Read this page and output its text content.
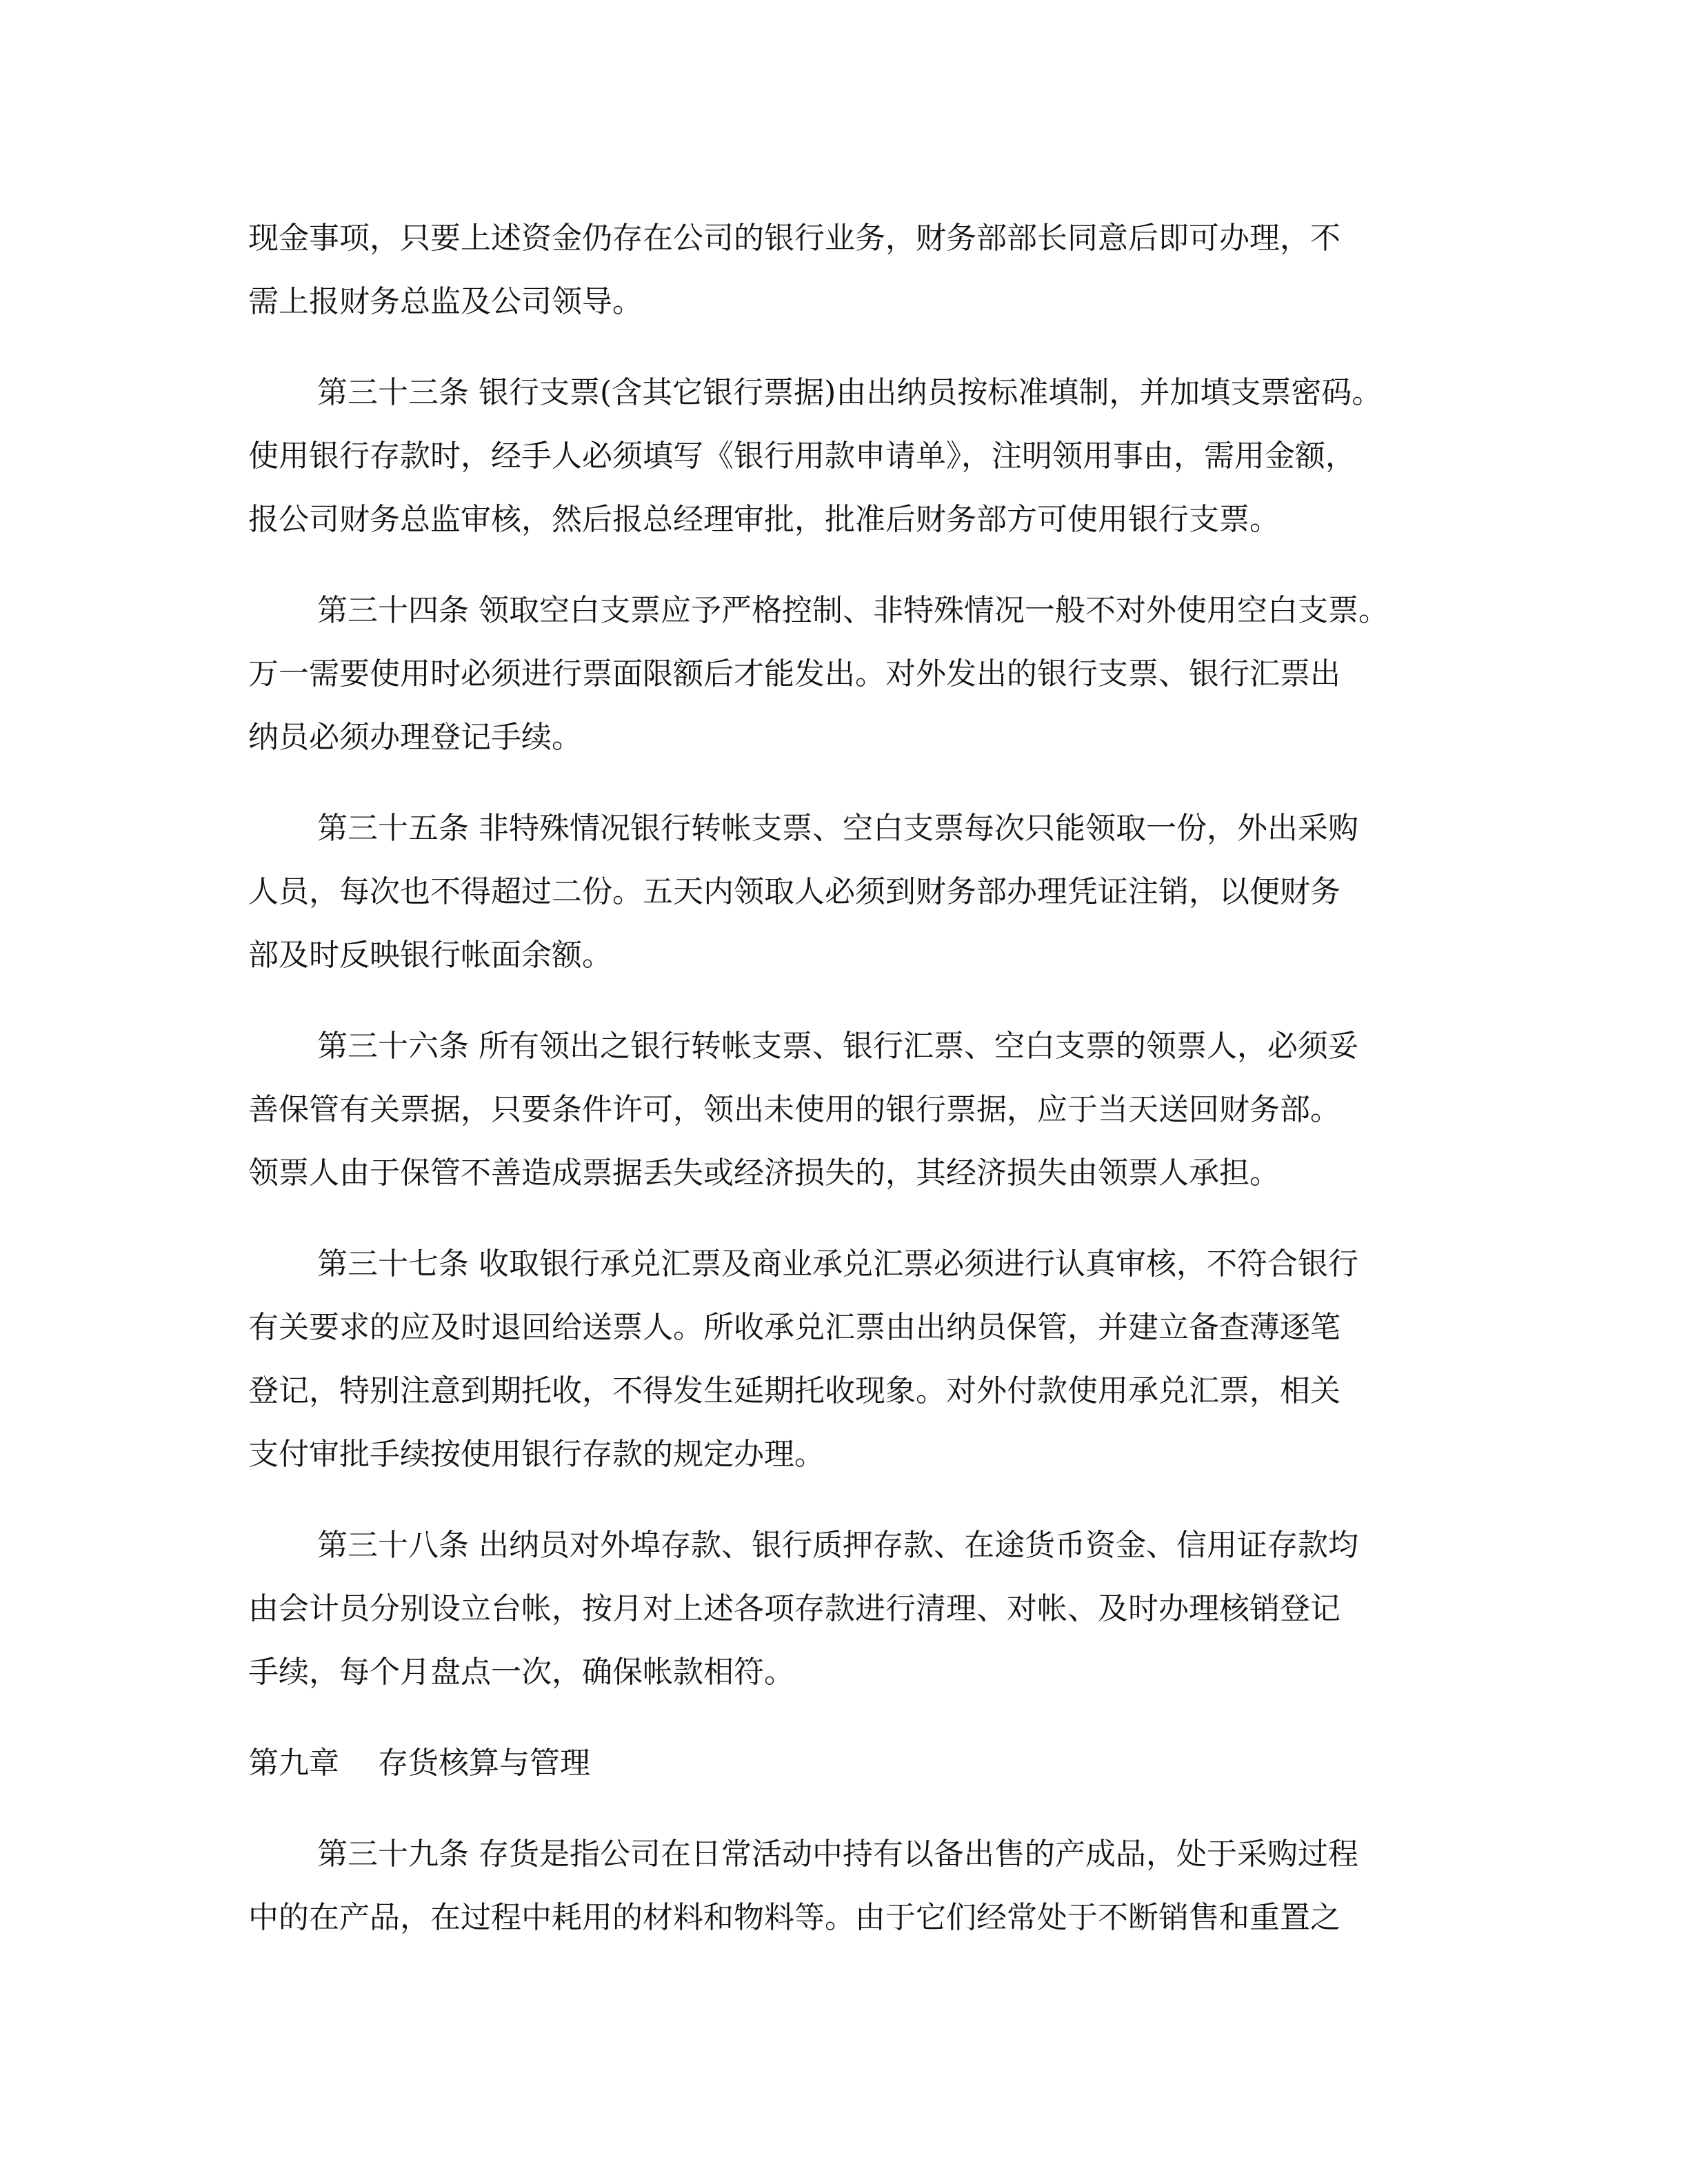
现金事项，只要上述资金仍存在公司的银行业务，财务部部长同意后即可办理，不
需上报财务总监及公司领导。

第三十三条 银行支票(含其它银行票据)由出纳员按标准填制，并加填支票密码。
使用银行存款时，经手人必须填写《银行用款申请单》，注明领用事由，需用金额，
报公司财务总监审核，然后报总经理审批，批准后财务部方可使用银行支票。

第三十四条 领取空白支票应予严格控制、非特殊情况一般不对外使用空白支票。
万一需要使用时必须进行票面限额后才能发出。对外发出的银行支票、银行汇票出
纳员必须办理登记手续。

第三十五条 非特殊情况银行转帐支票、空白支票每次只能领取一份，外出采购
人员，每次也不得超过二份。五天内领取人必须到财务部办理凭证注销，以便财务
部及时反映银行帐面余额。

第三十六条 所有领出之银行转帐支票、银行汇票、空白支票的领票人，必须妥
善保管有关票据，只要条件许可，领出未使用的银行票据，应于当天送回财务部。
领票人由于保管不善造成票据丢失或经济损失的，其经济损失由领票人承担。

第三十七条 收取银行承兑汇票及商业承兑汇票必须进行认真审核，不符合银行
有关要求的应及时退回给送票人。所收承兑汇票由出纳员保管，并建立备查薄逐笔
登记，特别注意到期托收，不得发生延期托收现象。对外付款使用承兑汇票，相关
支付审批手续按使用银行存款的规定办理。

第三十八条 出纳员对外埠存款、银行质押存款、在途货币资金、信用证存款均
由会计员分别设立台帐，按月对上述各项存款进行清理、对帐、及时办理核销登记
手续，每个月盘点一次，确保帐款相符。

第九章    存货核算与管理

第三十九条 存货是指公司在日常活动中持有以备出售的产成品，处于采购过程
中的在产品，在过程中耗用的材料和物料等。由于它们经常处于不断销售和重置之
